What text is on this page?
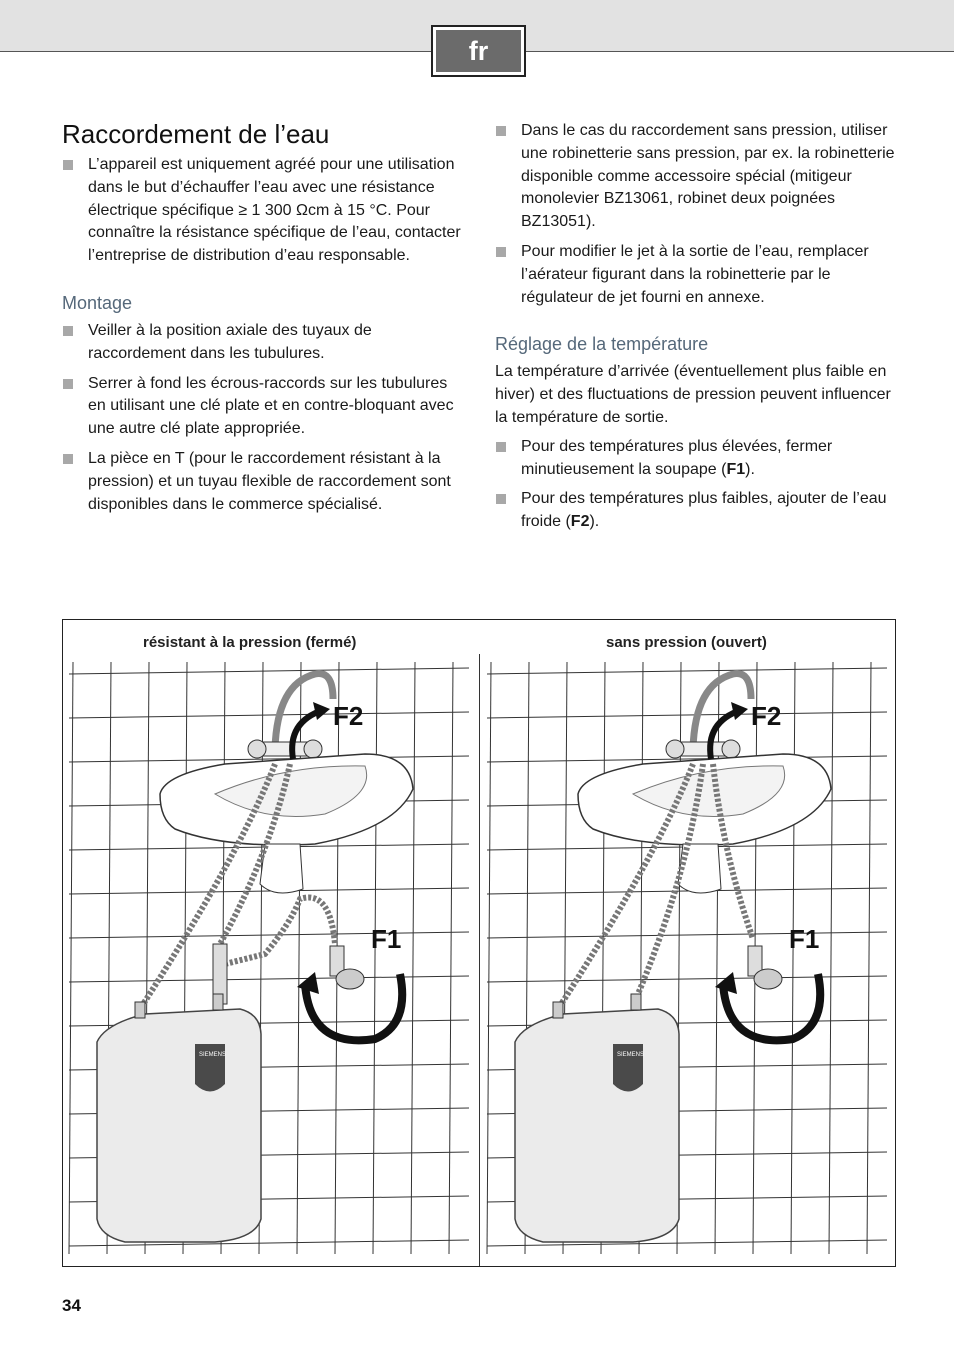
fr
Raccordement de l’eau
L’appareil est uniquement agréé pour une utilisation dans le but d’échauffer l’eau avec une résistance électrique spécifique ≥ 1 300 Ωcm à 15 °C. Pour connaître la résistance spécifique de l’eau, contacter l’entreprise de distribution d’eau responsable.
Montage
Veiller à la position axiale des tuyaux de raccordement dans les tubulures.
Serrer à fond les écrous-raccords sur les tubulures en utilisant une clé plate et en contre-bloquant avec une autre clé plate appropriée.
La pièce en T (pour le raccordement résistant à la pression) et un tuyau flexible de raccordement sont disponibles dans le commerce spécialisé.
Dans le cas du raccordement sans pression, utiliser une robinetterie sans pression, par ex. la robinetterie disponible comme accessoire spécial (mitigeur monolevier BZ13061, robinet deux poignées BZ13051).
Pour modifier le jet à la sortie de l’eau, remplacer l’aérateur figurant dans la robinetterie par le régulateur de jet fourni en annexe.
Réglage de la température

La température d’arrivée (éventuellement plus faible en hiver) et des fluctuations de pression peuvent influencer la température de sortie.

Pour des températures plus élevées, fermer minutieusement la soupape (F1).
Pour des températures plus faibles, ajouter de l’eau froide (F2).
résistant à la pression (fermé)	sans pression (ouvert)
F2
F1
SIEMENS
F2
F1
SIEMENS
34
